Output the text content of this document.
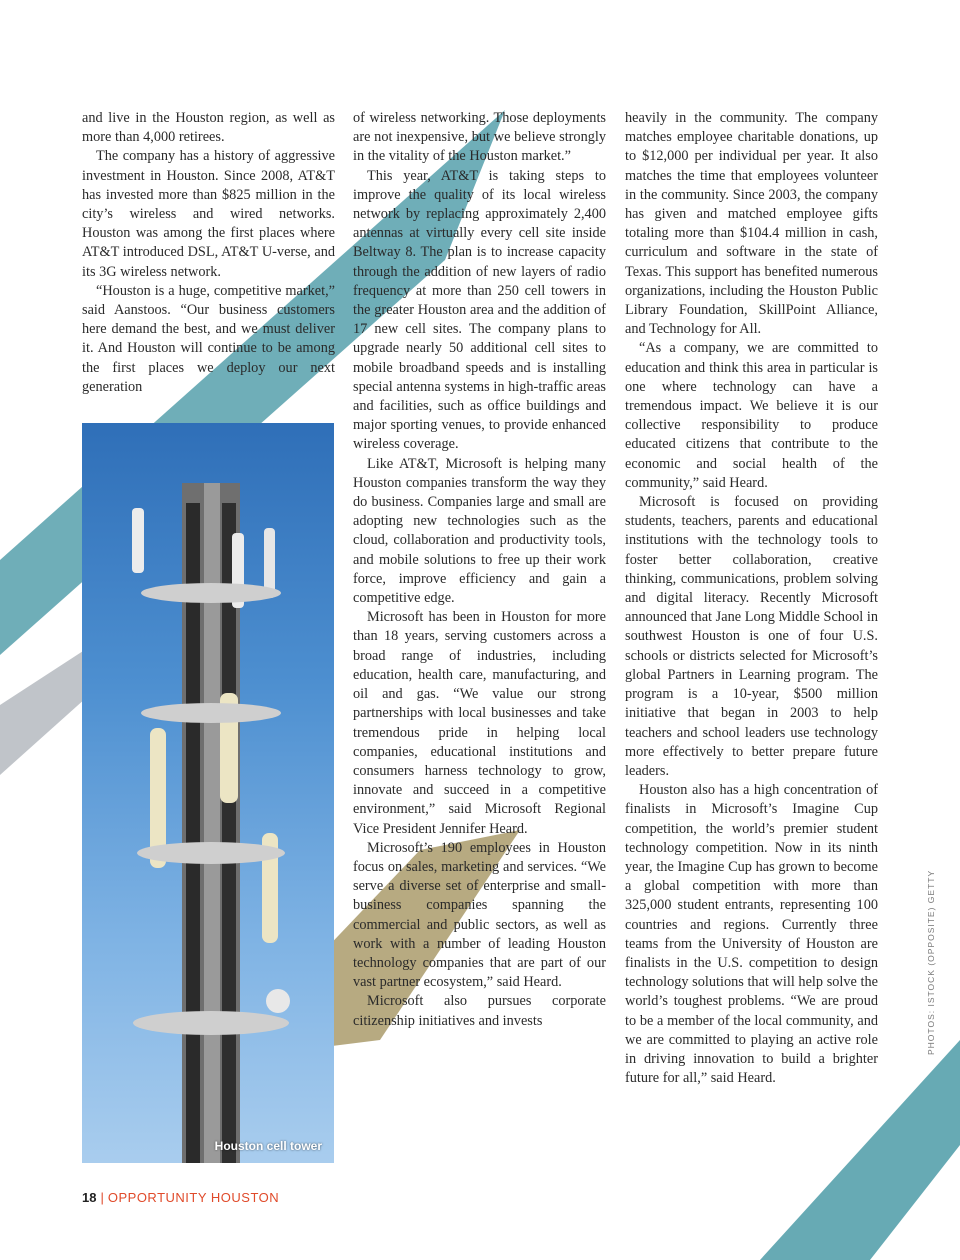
Houston cell tower

and live in the Houston region, as well as more than 4,000 retirees.

The company has a history of aggressive investment in Houston. Since 2008, AT&T has invested more than $825 million in the city’s wireless and wired networks. Houston was among the first places where AT&T introduced DSL, AT&T U-verse, and its 3G wireless network.

“Houston is a huge, competitive market,” said Aanstoos. “Our business customers here demand the best, and we must deliver it. And Houston will continue to be among the first places we deploy our next generation

of wireless networking. Those deployments are not inexpensive, but we believe strongly in the vitality of the Houston market.”

This year, AT&T is taking steps to improve the quality of its local wireless network by replacing approximately 2,400 antennas at virtually every cell site inside Beltway 8. The plan is to increase capacity through the addition of new layers of radio frequency at more than 250 cell towers in the greater Houston area and the addition of 17 new cell sites. The company plans to upgrade nearly 50 additional cell sites to mobile broadband speeds and is installing special antenna systems in high-traffic areas and facilities, such as office buildings and major sporting venues, to provide enhanced wireless coverage.

Like AT&T, Microsoft is helping many Houston companies transform the way they do business. Companies large and small are adopting new technologies such as the cloud, collaboration and productivity tools, and mobile solutions to free up their work force, improve efficiency and gain a competitive edge.

Microsoft has been in Houston for more than 18 years, serving customers across a broad range of industries, including education, health care, manufacturing, and oil and gas. “We value our strong partnerships with local businesses and take tremendous pride in helping local companies, educational institutions and consumers harness technology to grow, innovate and succeed in a competitive environment,” said Microsoft Regional Vice President Jennifer Heard.

Microsoft’s 190 employees in Houston focus on sales, marketing and services. “We serve a diverse set of enterprise and small-business companies spanning the commercial and public sectors, as well as work with a number of leading Houston technology companies that are part of our vast partner ecosystem,” said Heard.

Microsoft also pursues corporate citizenship initiatives and invests

heavily in the community. The company matches employee charitable donations, up to $12,000 per individual per year. It also matches the time that employees volunteer in the community. Since 2003, the company has given and matched employee gifts totaling more than $104.4 million in cash, curriculum and software in the state of Texas. This support has benefited numerous organizations, including the Houston Public Library Foundation, SkillPoint Alliance, and Technology for All.

“As a company, we are committed to education and think this area in particular is one where technology can have a tremendous impact. We believe it is our collective responsibility to produce educated citizens that contribute to the economic and social health of the community,” said Heard.

Microsoft is focused on providing students, teachers, parents and educational institutions with the technology tools to foster better collaboration, creative thinking, communications, problem solving and digital literacy. Recently Microsoft announced that Jane Long Middle School in southwest Houston is one of four U.S. schools or districts selected for Microsoft’s global Partners in Learning program. The program is a 10-year, $500 million initiative that began in 2003 to help teachers and school leaders use technology more effectively to better prepare future leaders.

Houston also has a high concentration of finalists in Microsoft’s Imagine Cup competition, the world’s premier student technology competition. Now in its ninth year, the Imagine Cup has grown to become a global competition with more than 325,000 student entrants, representing 100 countries and regions. Currently three teams from the University of Houston are finalists in the U.S. competition to design technology solutions that will help solve the world’s toughest problems. “We are proud to be a member of the local community, and we are committed to playing an active role in driving innovation to build a brighter future for all,” said Heard.

PHOTOS: ISTOCK (OPPOSITE) GETTY
18 | OPPORTUNITY HOUSTON
